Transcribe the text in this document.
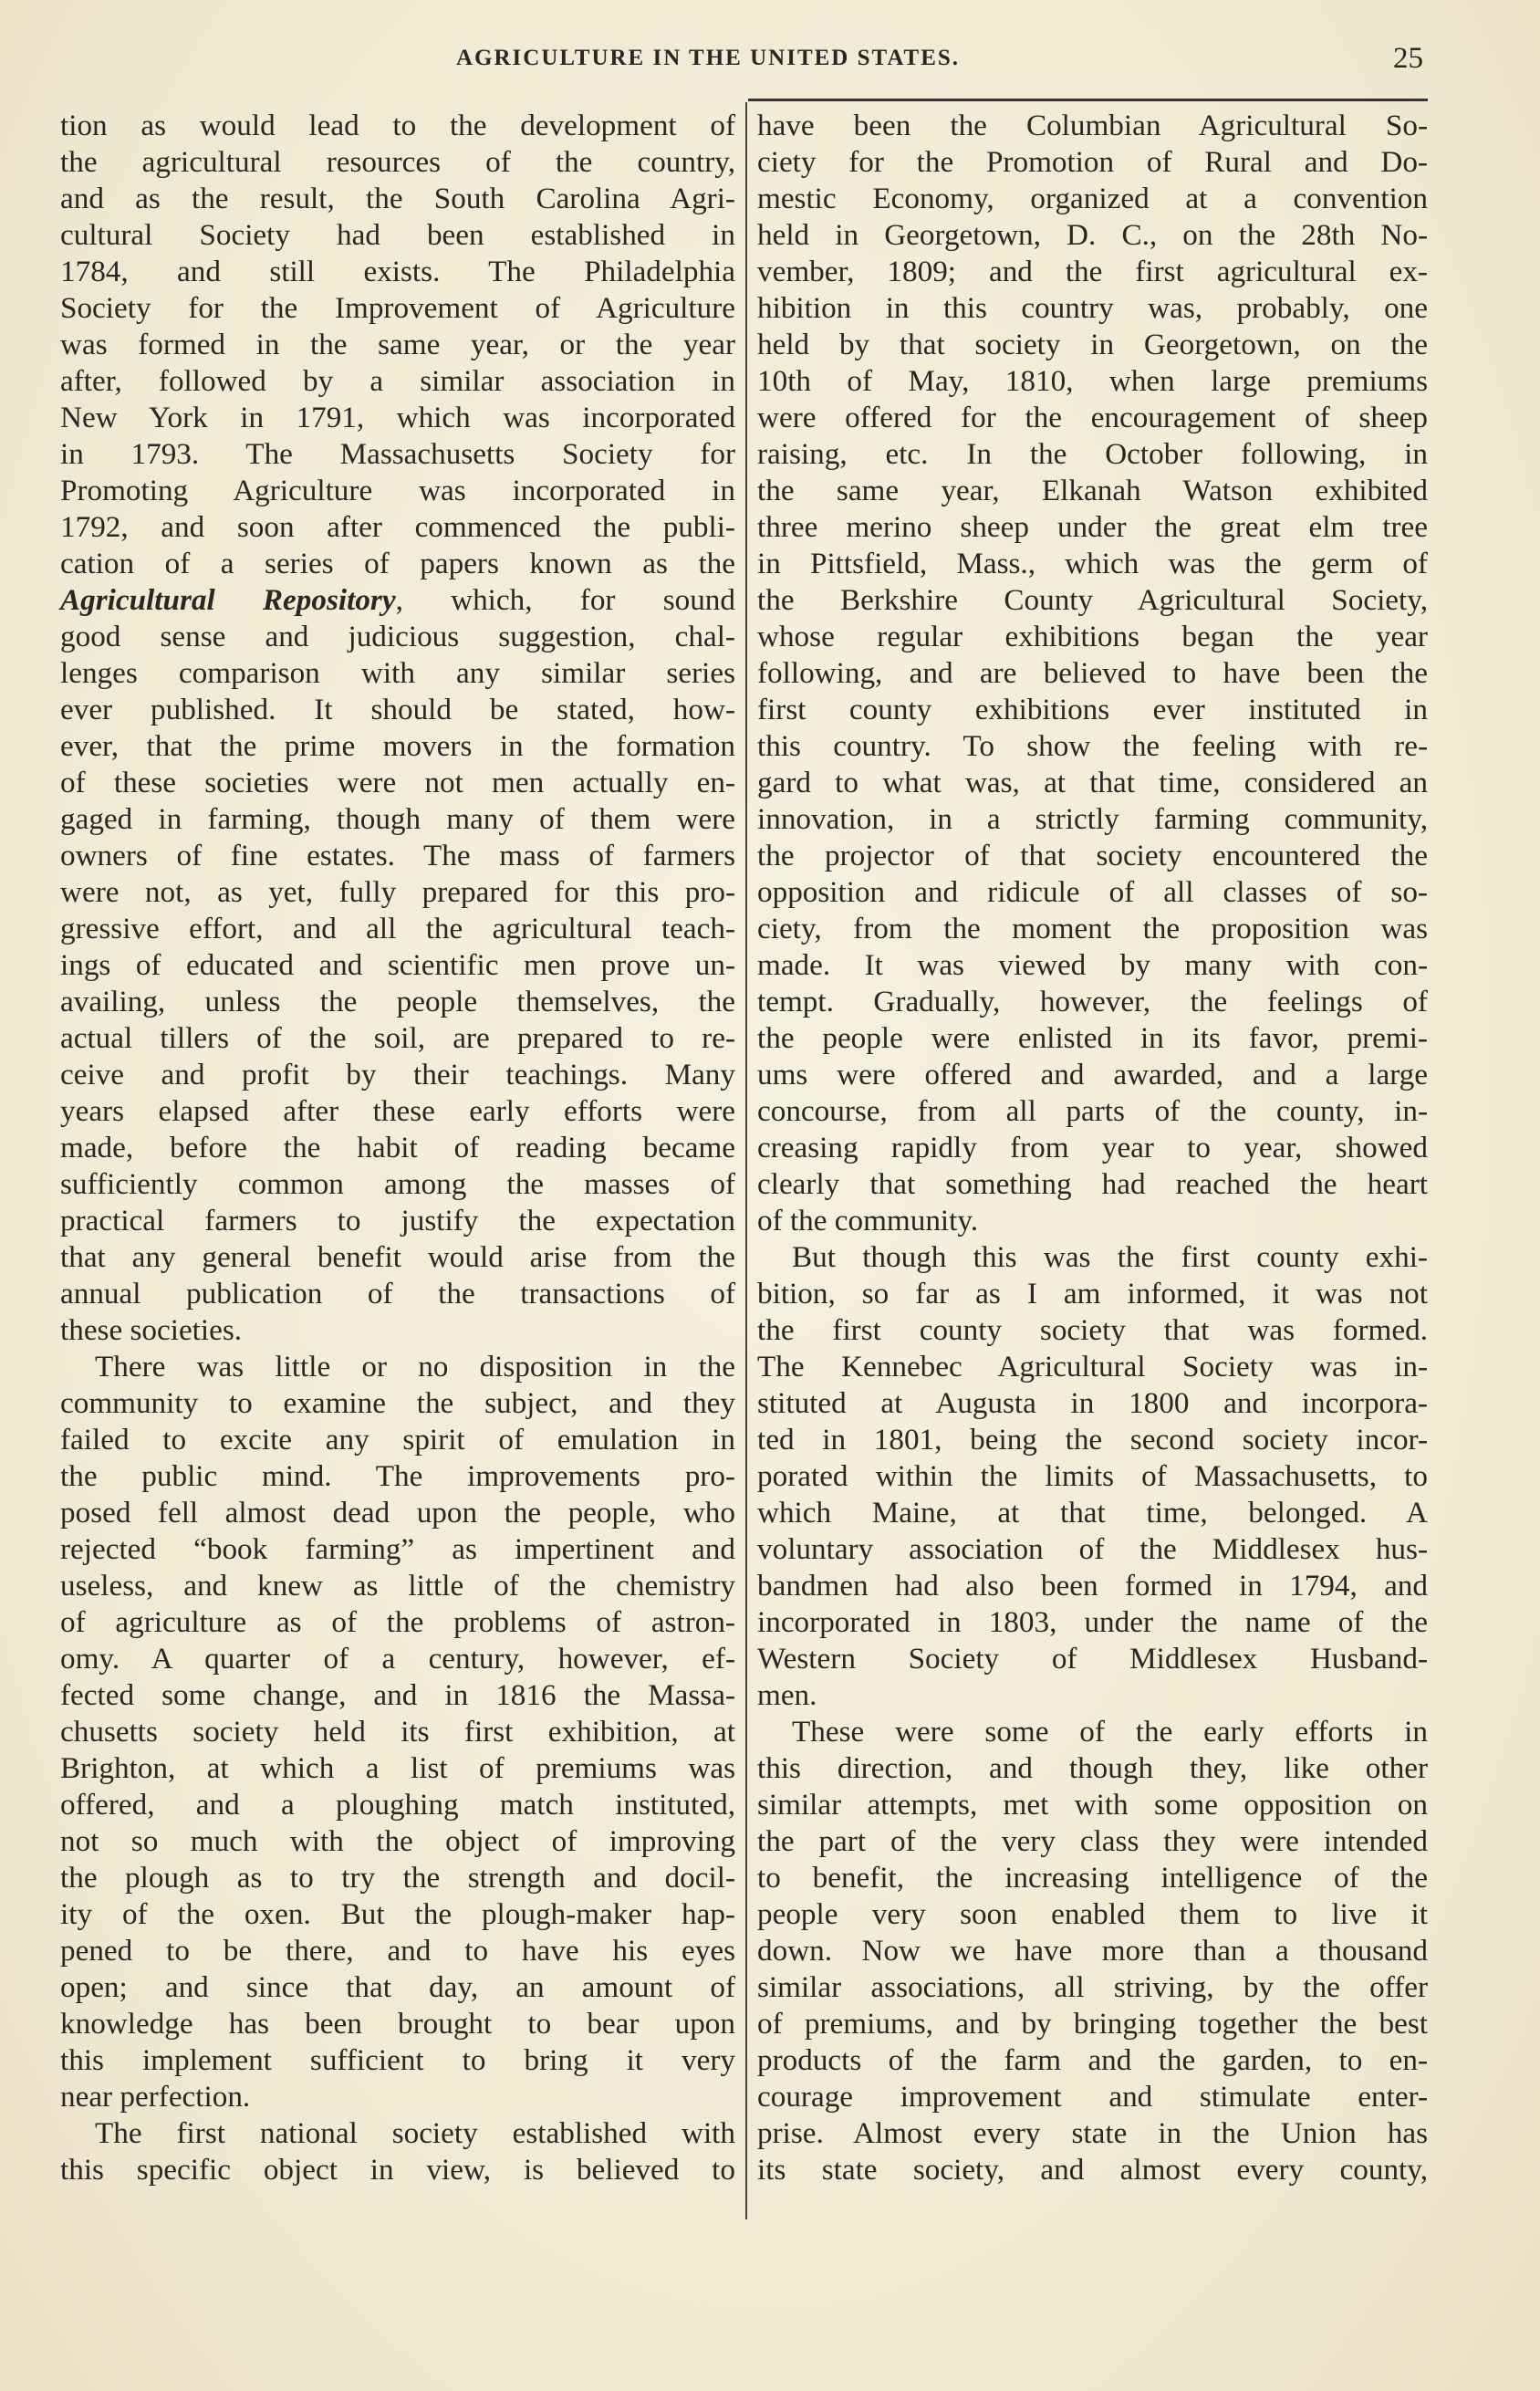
AGRICULTURE IN THE UNITED STATES.	25
tion as would lead to the development of
the agricultural resources of the country,
and as the result, the South Carolina Agri-
cultural Society had been established in
1784, and still exists. The Philadelphia
Society for the Improvement of Agriculture
was formed in the same year, or the year
after, followed by a similar association in
New York in 1791, which was incorporated
in 1793. The Massachusetts Society for
Promoting Agriculture was incorporated in
1792, and soon after commenced the publi-
cation of a series of papers known as the
Agricultural Repository, which, for sound
good sense and judicious suggestion, chal-
lenges comparison with any similar series
ever published. It should be stated, how-
ever, that the prime movers in the formation
of these societies were not men actually en-
gaged in farming, though many of them were
owners of fine estates. The mass of farmers
were not, as yet, fully prepared for this pro-
gressive effort, and all the agricultural teach-
ings of educated and scientific men prove un-
availing, unless the people themselves, the
actual tillers of the soil, are prepared to re-
ceive and profit by their teachings. Many
years elapsed after these early efforts were
made, before the habit of reading became
sufficiently common among the masses of
practical farmers to justify the expectation
that any general benefit would arise from the
annual publication of the transactions of
these societies.
There was little or no disposition in the
community to examine the subject, and they
failed to excite any spirit of emulation in
the public mind. The improvements pro-
posed fell almost dead upon the people, who
rejected “book farming” as impertinent and
useless, and knew as little of the chemistry
of agriculture as of the problems of astron-
omy. A quarter of a century, however, ef-
fected some change, and in 1816 the Massa-
chusetts society held its first exhibition, at
Brighton, at which a list of premiums was
offered, and a ploughing match instituted,
not so much with the object of improving
the plough as to try the strength and docil-
ity of the oxen. But the plough-maker hap-
pened to be there, and to have his eyes
open; and since that day, an amount of
knowledge has been brought to bear upon
this implement sufficient to bring it very
near perfection.
The first national society established with
this specific object in view, is believed to
have been the Columbian Agricultural So-
ciety for the Promotion of Rural and Do-
mestic Economy, organized at a convention
held in Georgetown, D. C., on the 28th No-
vember, 1809; and the first agricultural ex-
hibition in this country was, probably, one
held by that society in Georgetown, on the
10th of May, 1810, when large premiums
were offered for the encouragement of sheep
raising, etc. In the October following, in
the same year, Elkanah Watson exhibited
three merino sheep under the great elm tree
in Pittsfield, Mass., which was the germ of
the Berkshire County Agricultural Society,
whose regular exhibitions began the year
following, and are believed to have been the
first county exhibitions ever instituted in
this country. To show the feeling with re-
gard to what was, at that time, considered an
innovation, in a strictly farming community,
the projector of that society encountered the
opposition and ridicule of all classes of so-
ciety, from the moment the proposition was
made. It was viewed by many with con-
tempt. Gradually, however, the feelings of
the people were enlisted in its favor, premi-
ums were offered and awarded, and a large
concourse, from all parts of the county, in-
creasing rapidly from year to year, showed
clearly that something had reached the heart
of the community.
But though this was the first county exhi-
bition, so far as I am informed, it was not
the first county society that was formed.
The Kennebec Agricultural Society was in-
stituted at Augusta in 1800 and incorpora-
ted in 1801, being the second society incor-
porated within the limits of Massachusetts, to
which Maine, at that time, belonged. A
voluntary association of the Middlesex hus-
bandmen had also been formed in 1794, and
incorporated in 1803, under the name of the
Western Society of Middlesex Husband-
men.
These were some of the early efforts in
this direction, and though they, like other
similar attempts, met with some opposition on
the part of the very class they were intended
to benefit, the increasing intelligence of the
people very soon enabled them to live it
down. Now we have more than a thousand
similar associations, all striving, by the offer
of premiums, and by bringing together the best
products of the farm and the garden, to en-
courage improvement and stimulate enter-
prise. Almost every state in the Union has
its state society, and almost every county,
